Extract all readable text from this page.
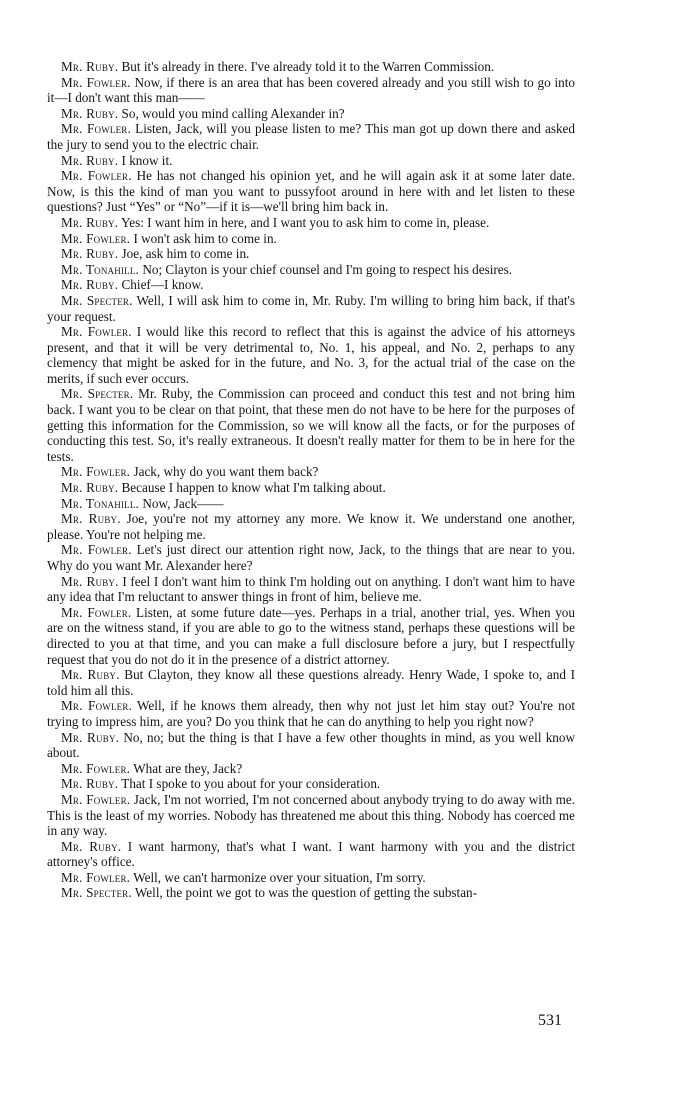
Mr. Ruby. But it's already in there. I've already told it to the Warren Commission.

Mr. Fowler. Now, if there is an area that has been covered already and you still wish to go into it—I don't want this man——

Mr. Ruby. So, would you mind calling Alexander in?

Mr. Fowler. Listen, Jack, will you please listen to me? This man got up down there and asked the jury to send you to the electric chair.

Mr. Ruby. I know it.

Mr. Fowler. He has not changed his opinion yet, and he will again ask it at some later date. Now, is this the kind of man you want to pussyfoot around in here with and let listen to these questions? Just “Yes” or “No”—if it is—we'll bring him back in.

Mr. Ruby. Yes: I want him in here, and I want you to ask him to come in, please.

Mr. Fowler. I won't ask him to come in.

Mr. Ruby. Joe, ask him to come in.

Mr. Tonahill. No; Clayton is your chief counsel and I'm going to respect his desires.

Mr. Ruby. Chief—I know.

Mr. Specter. Well, I will ask him to come in, Mr. Ruby. I'm willing to bring him back, if that's your request.

Mr. Fowler. I would like this record to reflect that this is against the advice of his attorneys present, and that it will be very detrimental to, No. 1, his appeal, and No. 2, perhaps to any clemency that might be asked for in the future, and No. 3, for the actual trial of the case on the merits, if such ever occurs.

Mr. Specter. Mr. Ruby, the Commission can proceed and conduct this test and not bring him back. I want you to be clear on that point, that these men do not have to be here for the purposes of getting this information for the Commission, so we will know all the facts, or for the purposes of conducting this test. So, it's really extraneous. It doesn't really matter for them to be in here for the tests.

Mr. Fowler. Jack, why do you want them back?

Mr. Ruby. Because I happen to know what I'm talking about.

Mr. Tonahill. Now, Jack——

Mr. Ruby. Joe, you're not my attorney any more. We know it. We understand one another, please. You're not helping me.

Mr. Fowler. Let's just direct our attention right now, Jack, to the things that are near to you. Why do you want Mr. Alexander here?

Mr. Ruby. I feel I don't want him to think I'm holding out on anything. I don't want him to have any idea that I'm reluctant to answer things in front of him, believe me.

Mr. Fowler. Listen, at some future date—yes. Perhaps in a trial, another trial, yes. When you are on the witness stand, if you are able to go to the witness stand, perhaps these questions will be directed to you at that time, and you can make a full disclosure before a jury, but I respectfully request that you do not do it in the presence of a district attorney.

Mr. Ruby. But Clayton, they know all these questions already. Henry Wade, I spoke to, and I told him all this.

Mr. Fowler. Well, if he knows them already, then why not just let him stay out? You're not trying to impress him, are you? Do you think that he can do anything to help you right now?

Mr. Ruby. No, no; but the thing is that I have a few other thoughts in mind, as you well know about.

Mr. Fowler. What are they, Jack?

Mr. Ruby. That I spoke to you about for your consideration.

Mr. Fowler. Jack, I'm not worried, I'm not concerned about anybody trying to do away with me. This is the least of my worries. Nobody has threatened me about this thing. Nobody has coerced me in any way.

Mr. Ruby. I want harmony, that's what I want. I want harmony with you and the district attorney's office.

Mr. Fowler. Well, we can't harmonize over your situation, I'm sorry.

Mr. Specter. Well, the point we got to was the question of getting the substan-

531
